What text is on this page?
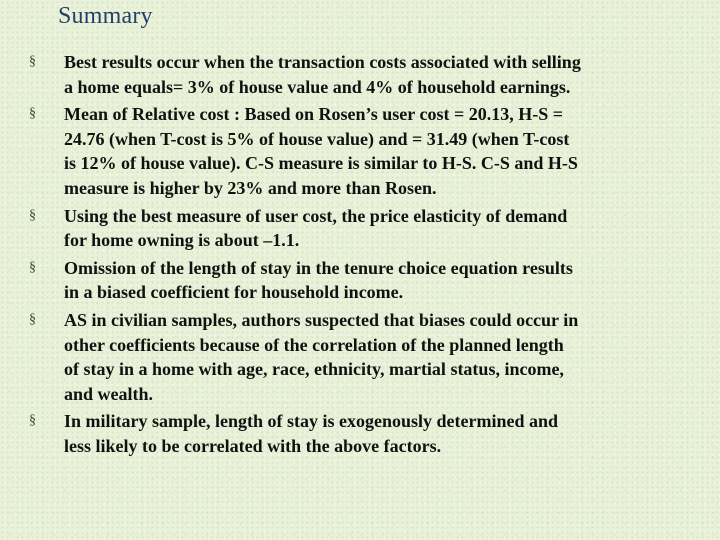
Summary
§ Best results occur when the transaction costs associated with selling
a home equals= 3% of house value and 4% of household earnings.
§ Mean of Relative cost : Based on Rosen’s user cost = 20.13, H-S =
24.76 (when T-cost is 5% of house value) and = 31.49 (when T-cost
is 12% of house value). C-S measure is similar to H-S. C-S and H-S
measure is higher by 23% and more than Rosen.
§ Using the best measure of user cost, the price elasticity of demand
for home owning is about –1.1.
§ Omission of the length of stay in the tenure choice equation results
in a biased coefficient for household income.
§ AS in civilian samples, authors suspected that biases could occur in
other coefficients because of the correlation of the planned length
of stay in a home with age, race, ethnicity, martial status, income,
and wealth.
§ In military sample, length of stay is exogenously determined and
less likely to be correlated with the above factors.
